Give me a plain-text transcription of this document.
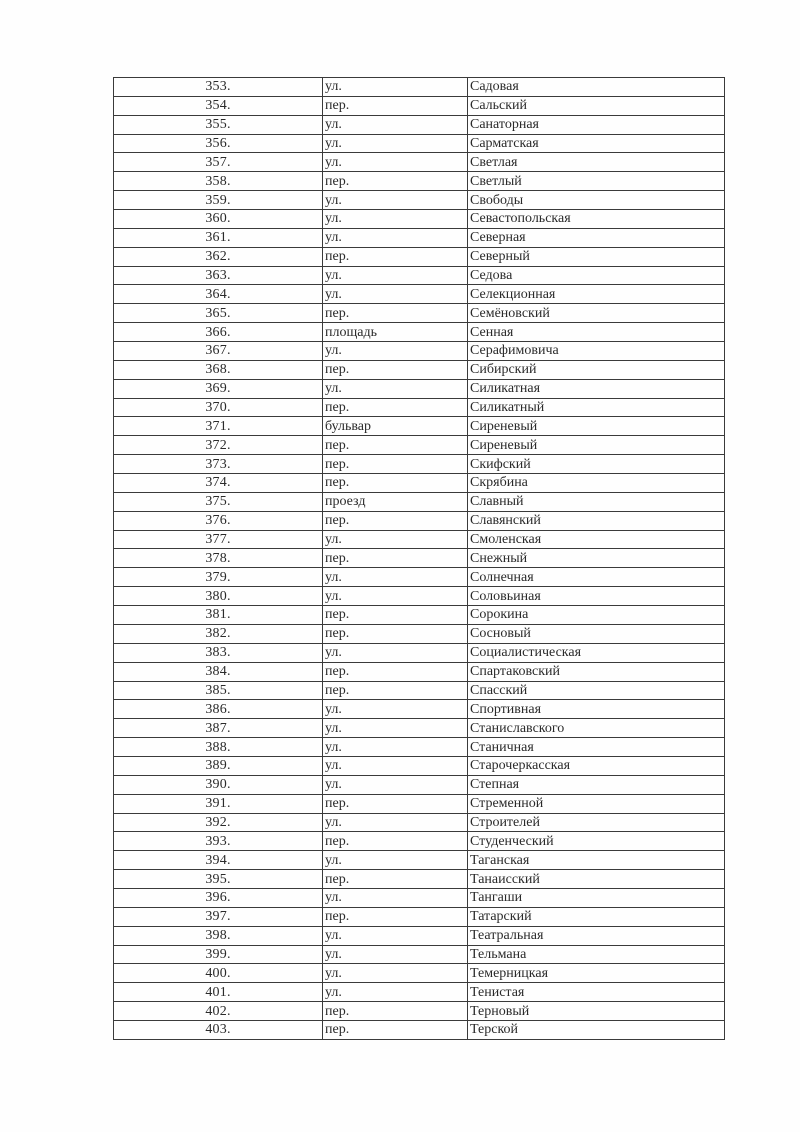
353.	ул.	Садовая
354.	пер.	Сальский
355.	ул.	Санаторная
356.	ул.	Сарматская
357.	ул.	Светлая
358.	пер.	Светлый
359.	ул.	Свободы
360.	ул.	Севастопольская
361.	ул.	Северная
362.	пер.	Северный
363.	ул.	Седова
364.	ул.	Селекционная
365.	пер.	Семёновский
366.	площадь	Сенная
367.	ул.	Серафимовича
368.	пер.	Сибирский
369.	ул.	Силикатная
370.	пер.	Силикатный
371.	бульвар	Сиреневый
372.	пер.	Сиреневый
373.	пер.	Скифский
374.	пер.	Скрябина
375.	проезд	Славный
376.	пер.	Славянский
377.	ул.	Смоленская
378.	пер.	Снежный
379.	ул.	Солнечная
380.	ул.	Соловьиная
381.	пер.	Сорокина
382.	пер.	Сосновый
383.	ул.	Социалистическая
384.	пер.	Спартаковский
385.	пер.	Спасский
386.	ул.	Спортивная
387.	ул.	Станиславского
388.	ул.	Станичная
389.	ул.	Старочеркасская
390.	ул.	Степная
391.	пер.	Стременной
392.	ул.	Строителей
393.	пер.	Студенческий
394.	ул.	Таганская
395.	пер.	Танаисский
396.	ул.	Тангаши
397.	пер.	Татарский
398.	ул.	Театральная
399.	ул.	Тельмана
400.	ул.	Темерницкая
401.	ул.	Тенистая
402.	пер.	Терновый
403.	пер.	Терской
